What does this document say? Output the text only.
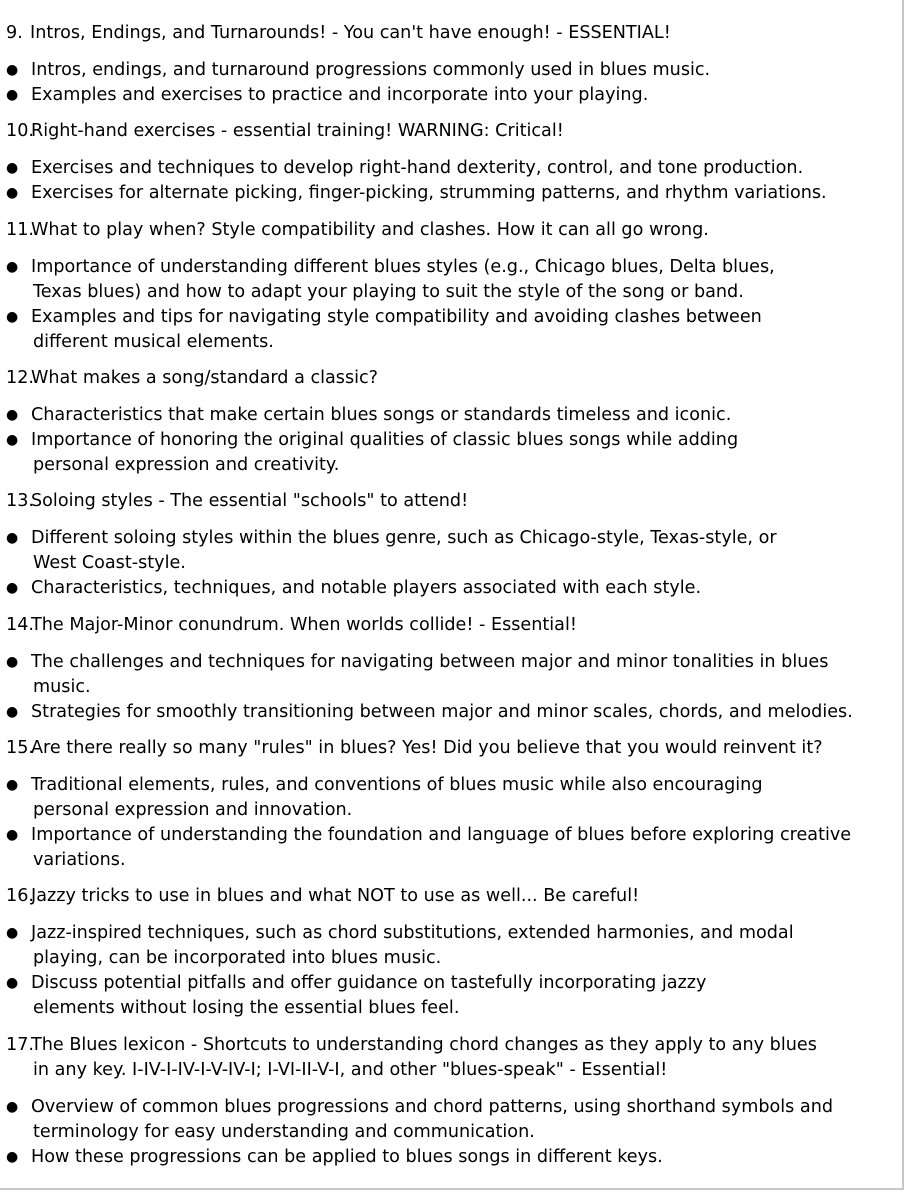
9. Intros, Endings, and Turnarounds! - You can't have enough! - ESSENTIAL!
● Intros, endings, and turnaround progressions commonly used in blues music.
● Examples and exercises to practice and incorporate into your playing.
10.Right-hand exercises - essential training! WARNING: Critical!
● Exercises and techniques to develop right-hand dexterity, control, and tone production.
● Exercises for alternate picking, finger-picking, strumming patterns, and rhythm variations.
11.What to play when? Style compatibility and clashes. How it can all go wrong.
● Importance of understanding different blues styles (e.g., Chicago blues, Delta blues,
Texas blues) and how to adapt your playing to suit the style of the song or band.
● Examples and tips for navigating style compatibility and avoiding clashes between
different musical elements.
12.What makes a song/standard a classic?
● Characteristics that make certain blues songs or standards timeless and iconic.
● Importance of honoring the original qualities of classic blues songs while adding
personal expression and creativity.
13.Soloing styles - The essential "schools" to attend!
● Different soloing styles within the blues genre, such as Chicago-style, Texas-style, or
West Coast-style.
● Characteristics, techniques, and notable players associated with each style.
14.The Major-Minor conundrum. When worlds collide! - Essential!
● The challenges and techniques for navigating between major and minor tonalities in blues
music.
● Strategies for smoothly transitioning between major and minor scales, chords, and melodies.
15.Are there really so many "rules" in blues? Yes! Did you believe that you would reinvent it?
● Traditional elements, rules, and conventions of blues music while also encouraging
personal expression and innovation.
● Importance of understanding the foundation and language of blues before exploring creative
variations.
16.Jazzy tricks to use in blues and what NOT to use as well... Be careful!
● Jazz-inspired techniques, such as chord substitutions, extended harmonies, and modal
playing, can be incorporated into blues music.
● Discuss potential pitfalls and offer guidance on tastefully incorporating jazzy
elements without losing the essential blues feel.
17.The Blues lexicon - Shortcuts to understanding chord changes as they apply to any blues
in any key. I-IV-I-IV-I-V-IV-I; I-VI-II-V-I, and other "blues-speak" - Essential!
● Overview of common blues progressions and chord patterns, using shorthand symbols and
terminology for easy understanding and communication.
● How these progressions can be applied to blues songs in different keys.
